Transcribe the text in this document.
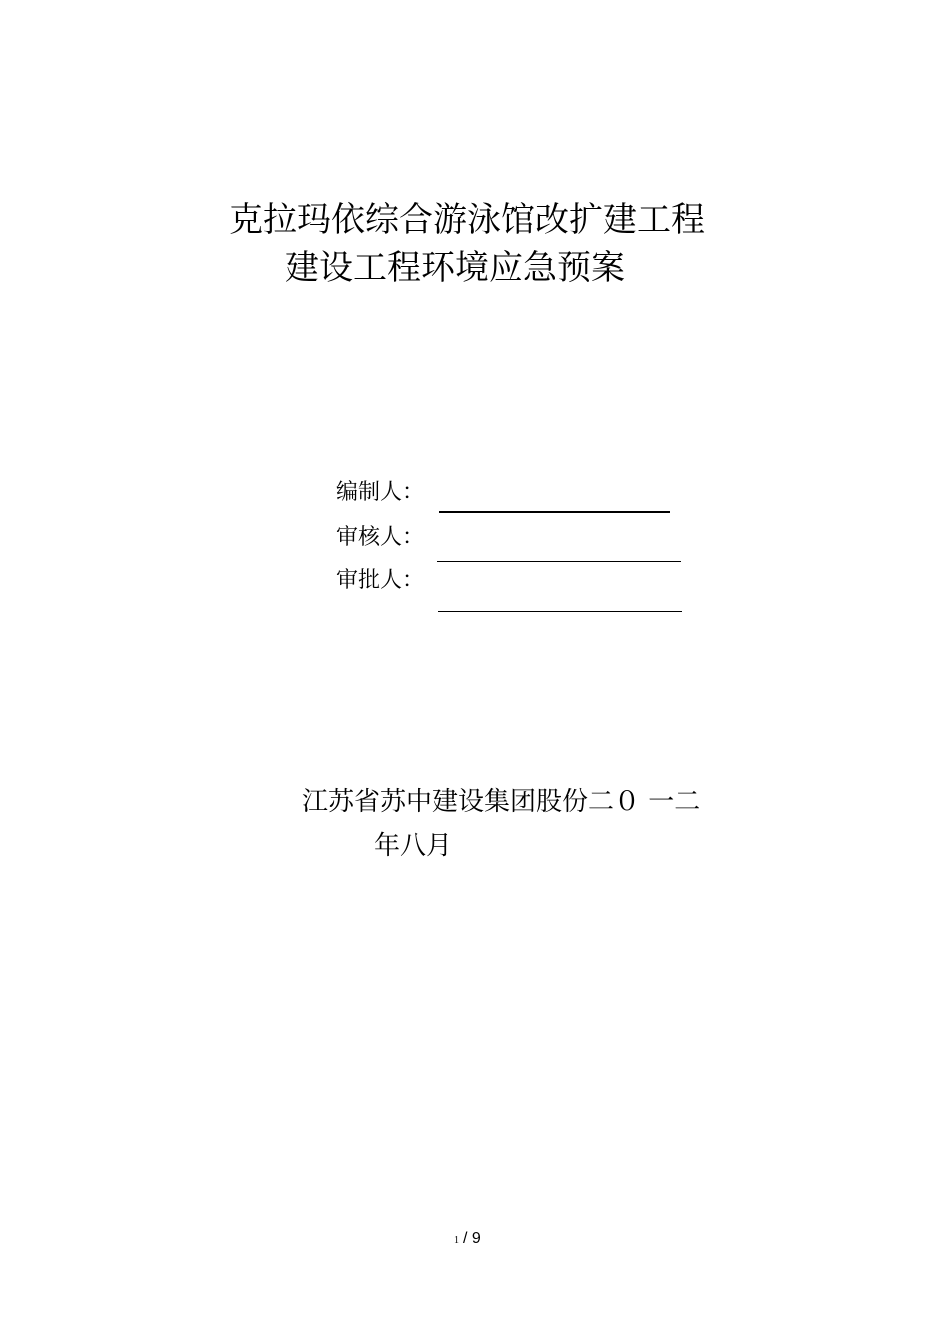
克拉玛依综合游泳馆改扩建工程
建设工程环境应急预案
编制人：
审核人：
审批人：
江苏省苏中建设集团股份二０ 一二
年八月
1 / 9
